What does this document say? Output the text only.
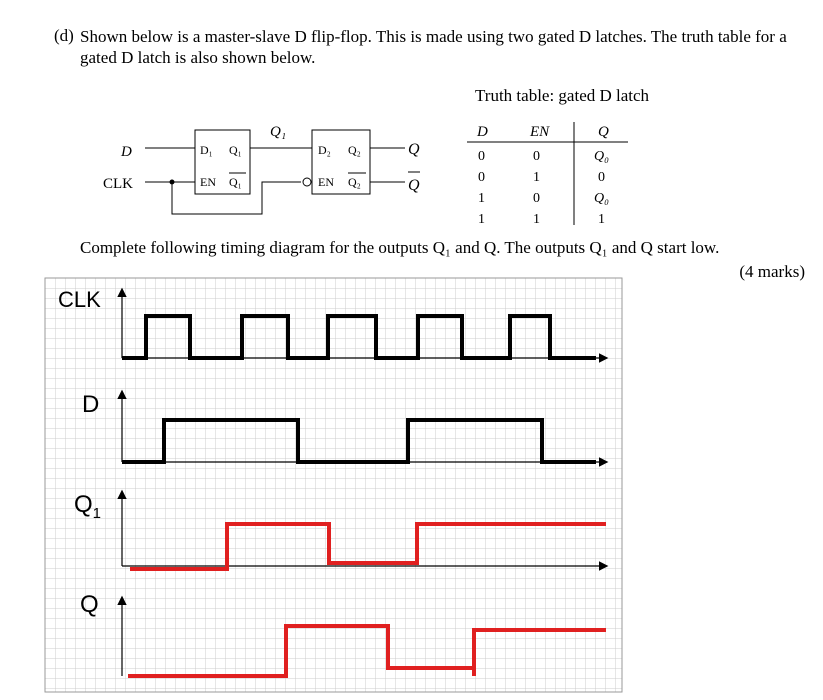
(d) Shown below is a master-slave D flip-flop. This is made using two gated D latches. The truth table for a gated D latch is also shown below.
Truth table: gated D latch
Complete following timing diagram for the outputs Q₁ and Q. The outputs Q₁ and Q start low.
(4 marks)
D
CLK
D₁ Q₁
EN Q₁
Q₁
D₂ Q₂
EN Q₂
Q
Q
D	EN	Q
0	0	Q₀
0	1	0
1	0	Q₀
1	1	1
CLK
D
$Q_1$
Q
